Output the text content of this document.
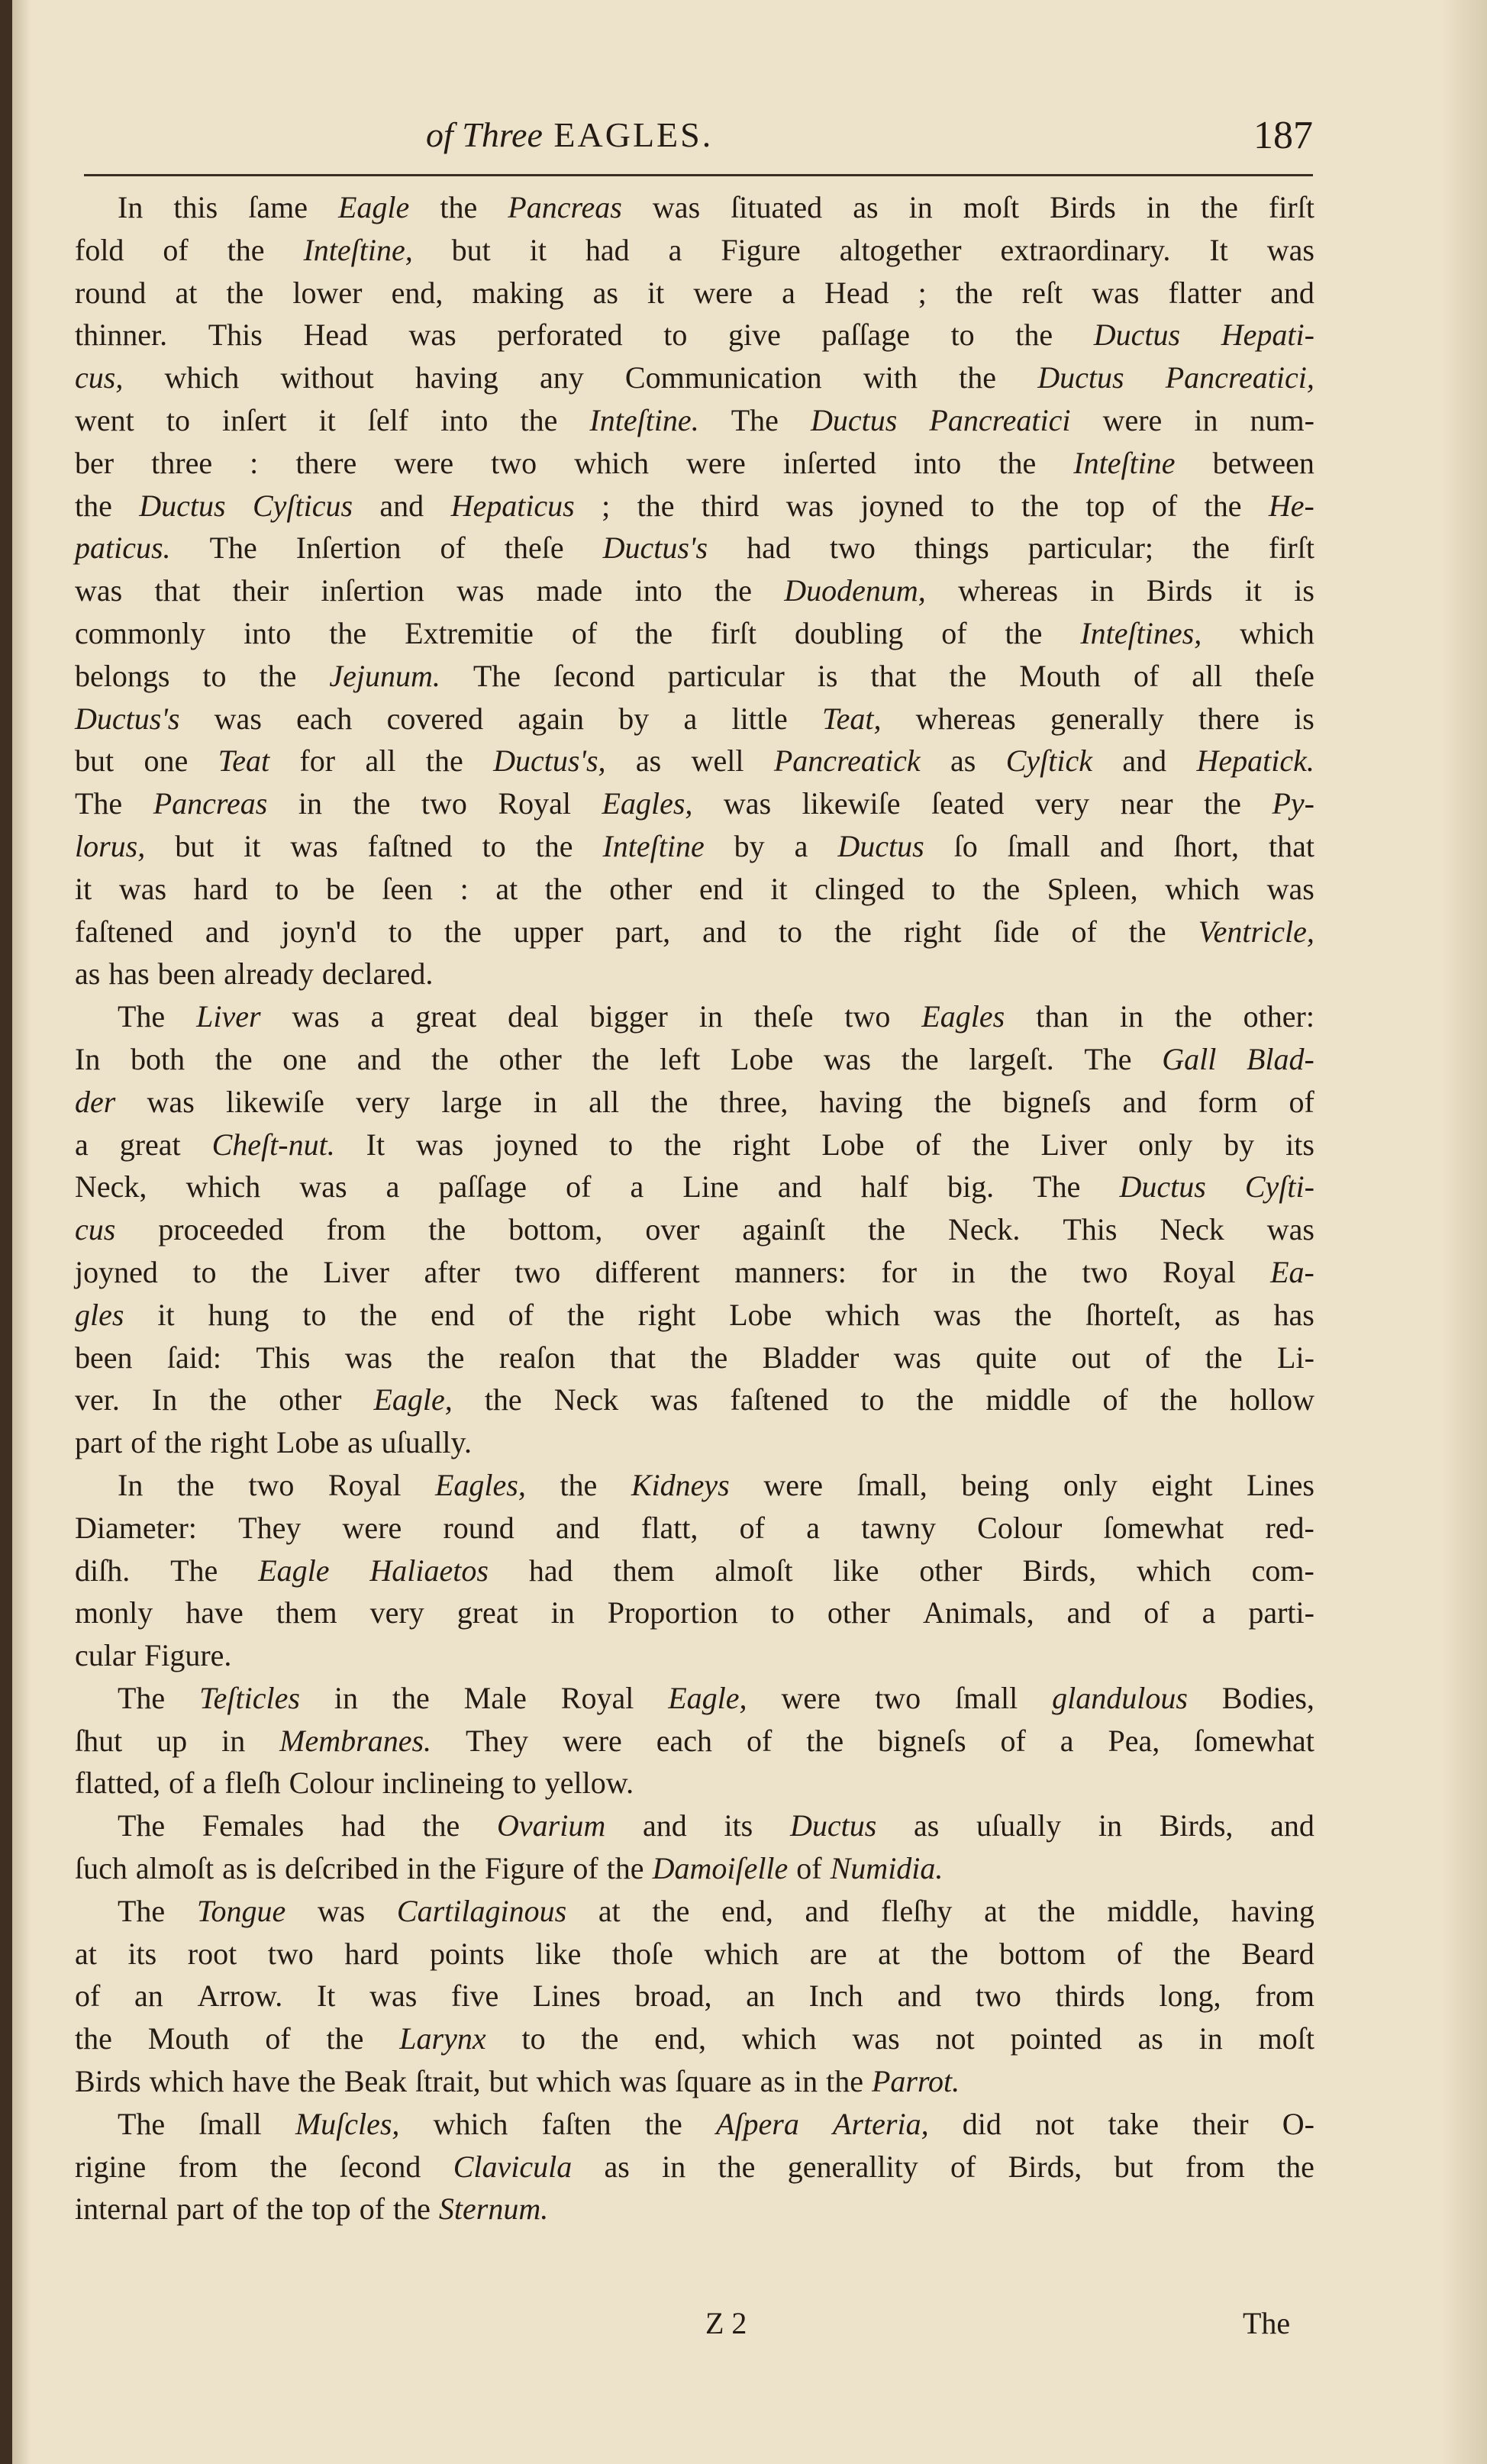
of Three EAGLES.	187
In this ſame Eagle the Pancreas was ſituated as in moſt Birds in the firſt
fold of the Inteſtine, but it had a Figure altogether extraordinary. It was
round at the lower end, making as it were a Head ; the reſt was flatter and
thinner. This Head was perforated to give paſſage to the Ductus Hepati-
cus, which without having any Communication with the Ductus Pancreatici,
went to inſert it ſelf into the Inteſtine. The Ductus Pancreatici were in num-
ber three : there were two which were inſerted into the Inteſtine between
the Ductus Cyſticus and Hepaticus ; the third was joyned to the top of the He-
paticus. The Inſertion of theſe Ductus's had two things particular; the firſt
was that their inſertion was made into the Duodenum, whereas in Birds it is
commonly into the Extremitie of the firſt doubling of the Inteſtines, which
belongs to the Jejunum. The ſecond particular is that the Mouth of all theſe
Ductus's was each covered again by a little Teat, whereas generally there is
but one Teat for all the Ductus's, as well Pancreatick as Cyſtick and Hepatick.
The Pancreas in the two Royal Eagles, was likewiſe ſeated very near the Py-
lorus, but it was faſtned to the Inteſtine by a Ductus ſo ſmall and ſhort, that
it was hard to be ſeen : at the other end it clinged to the Spleen, which was
faſtened and joyn'd to the upper part, and to the right ſide of the Ventricle,
as has been already declared.
The Liver was a great deal bigger in theſe two Eagles than in the other:
In both the one and the other the left Lobe was the largeſt. The Gall Blad-
der was likewiſe very large in all the three, having the bigneſs and form of
a great Cheſt-nut. It was joyned to the right Lobe of the Liver only by its
Neck, which was a paſſage of a Line and half big. The Ductus Cyſti-
cus proceeded from the bottom, over againſt the Neck. This Neck was
joyned to the Liver after two different manners: for in the two Royal Ea-
gles it hung to the end of the right Lobe which was the ſhorteſt, as has
been ſaid: This was the reaſon that the Bladder was quite out of the Li-
ver. In the other Eagle, the Neck was faſtened to the middle of the hollow
part of the right Lobe as uſually.
In the two Royal Eagles, the Kidneys were ſmall, being only eight Lines
Diameter: They were round and flatt, of a tawny Colour ſomewhat red-
diſh. The Eagle Haliaetos had them almoſt like other Birds, which com-
monly have them very great in Proportion to other Animals, and of a parti-
cular Figure.
The Teſticles in the Male Royal Eagle, were two ſmall glandulous Bodies,
ſhut up in Membranes. They were each of the bigneſs of a Pea, ſomewhat
flatted, of a fleſh Colour inclineing to yellow.
The Females had the Ovarium and its Ductus as uſually in Birds, and
ſuch almoſt as is deſcribed in the Figure of the Damoiſelle of Numidia.
The Tongue was Cartilaginous at the end, and fleſhy at the middle, having
at its root two hard points like thoſe which are at the bottom of the Beard
of an Arrow. It was five Lines broad, an Inch and two thirds long, from
the Mouth of the Larynx to the end, which was not pointed as in moſt
Birds which have the Beak ſtrait, but which was ſquare as in the Parrot.
The ſmall Muſcles, which faſten the Aſpera Arteria, did not take their O-
rigine from the ſecond Clavicula as in the generallity of Birds, but from the
internal part of the top of the Sternum.
Z 2	The
